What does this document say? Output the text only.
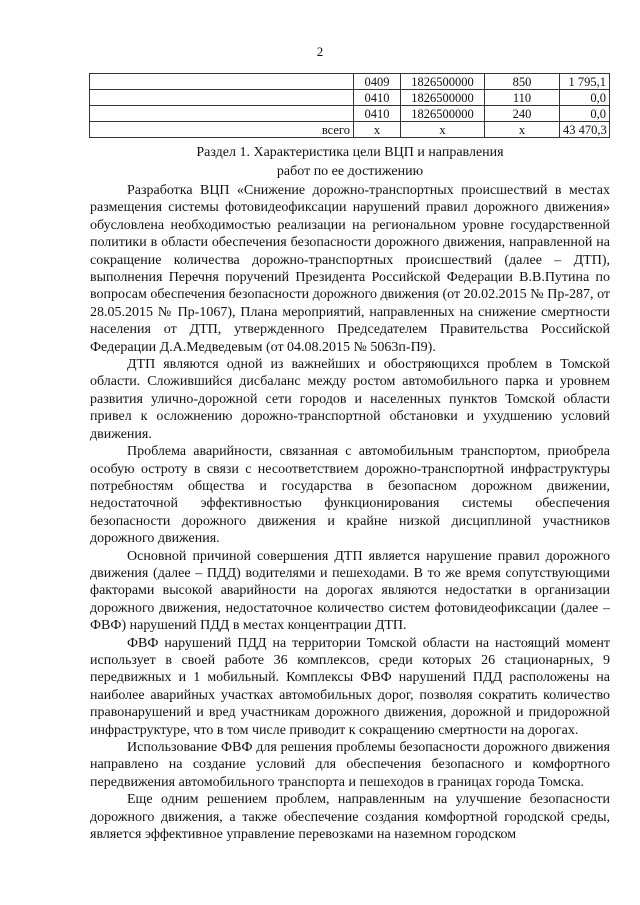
2
	0409	1826500000	850	1 795,1
	0410	1826500000	110	0,0
	0410	1826500000	240	0,0
всего	x	x	x	43 470,3
Раздел 1. Характеристика цели ВЦП и направления
работ по ее достижению

Разработка ВЦП «Снижение дорожно-транспортных происшествий в местах размещения системы фотовидеофиксации нарушений правил дорожного движения» обусловлена необходимостью реализации на региональном уровне государственной политики в области обеспечения безопасности дорожного движения, направленной на сокращение количества дорожно-транспортных происшествий (далее – ДТП), выполнения Перечня поручений Президента Российской Федерации В.В.Путина по вопросам обеспечения безопасности дорожного движения (от 20.02.2015 № Пр-287, от 28.05.2015 № Пр-1067), Плана мероприятий, направленных на снижение смертности населения от ДТП, утвержденного Председателем Правительства Российской Федерации Д.А.Медведевым (от 04.08.2015 № 5063п-П9).

ДТП являются одной из важнейших и обостряющихся проблем в Томской области. Сложившийся дисбаланс между ростом автомобильного парка и уровнем развития улично-дорожной сети городов и населенных пунктов Томской области привел к осложнению дорожно-транспортной обстановки и ухудшению условий движения.

Проблема аварийности, связанная с автомобильным транспортом, приобрела особую остроту в связи с несоответствием дорожно-транспортной инфраструктуры потребностям общества и государства в безопасном дорожном движении, недостаточной эффективностью функционирования системы обеспечения безопасности дорожного движения и крайне низкой дисциплиной участников дорожного движения.

Основной причиной совершения ДТП является нарушение правил дорожного движения (далее – ПДД) водителями и пешеходами. В то же время сопутствующими факторами высокой аварийности на дорогах являются недостатки в организации дорожного движения, недостаточное количество систем фотовидеофиксации (далее – ФВФ) нарушений ПДД в местах концентрации ДТП.

ФВФ нарушений ПДД на территории Томской области на настоящий момент использует в своей работе 36 комплексов, среди которых 26 стационарных, 9 передвижных и 1 мобильный. Комплексы ФВФ нарушений ПДД расположены на наиболее аварийных участках автомобильных дорог, позволяя сократить количество правонарушений и вред участникам дорожного движения, дорожной и придорожной инфраструктуре, что в том числе приводит к сокращению смертности на дорогах.

Использование ФВФ для решения проблемы безопасности дорожного движения направлено на создание условий для обеспечения безопасного и комфортного передвижения автомобильного транспорта и пешеходов в границах города Томска.

Еще одним решением проблем, направленным на улучшение безопасности дорожного движения, а также обеспечение создания комфортной городской среды, является эффективное управление перевозками на наземном городском
